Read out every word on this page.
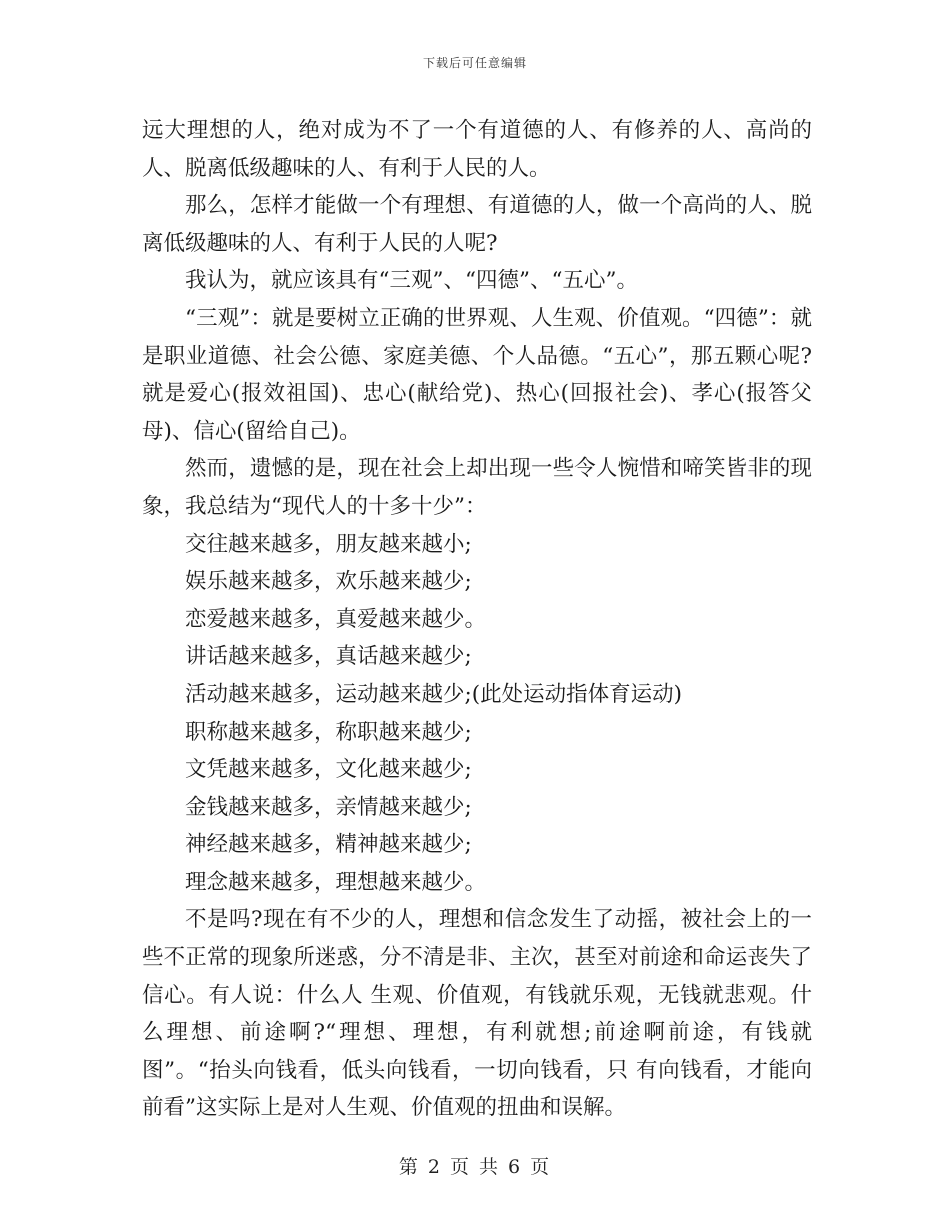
下载后可任意编辑

远大理想的人，绝对成为不了一个有道德的人、有修养的人、高尚的人、脱离低级趣味的人、有利于人民的人。

那么，怎样才能做一个有理想、有道德的人，做一个高尚的人、脱离低级趣味的人、有利于人民的人呢?

我认为，就应该具有“三观”、“四德”、“五心”。

“三观”：就是要树立正确的世界观、人生观、价值观。“四德”：就是职业道德、社会公德、家庭美德、个人品德。“五心”，那五颗心呢?就是爱心(报效祖国)、忠心(献给党)、热心(回报社会)、孝心(报答父母)、信心(留给自己)。

然而，遗憾的是，现在社会上却出现一些令人惋惜和啼笑皆非的现象，我总结为“现代人的十多十少”：

交往越来越多，朋友越来越小;

娱乐越来越多，欢乐越来越少;

恋爱越来越多，真爱越来越少。

讲话越来越多，真话越来越少;

活动越来越多，运动越来越少;(此处运动指体育运动)

职称越来越多，称职越来越少;

文凭越来越多，文化越来越少;

金钱越来越多，亲情越来越少;

神经越来越多，精神越来越少;

理念越来越多，理想越来越少。

不是吗?现在有不少的人，理想和信念发生了动摇，被社会上的一些不正常的现象所迷惑，分不清是非、主次，甚至对前途和命运丧失了信心。有人说：什么人 生观、价值观，有钱就乐观，无钱就悲观。什么理想、前途啊?“理想、理想，有利就想;前途啊前途，有钱就图”。“抬头向钱看，低头向钱看，一切向钱看，只 有向钱看，才能向前看”这实际上是对人生观、价值观的扭曲和误解。

第 2 页 共 6 页
